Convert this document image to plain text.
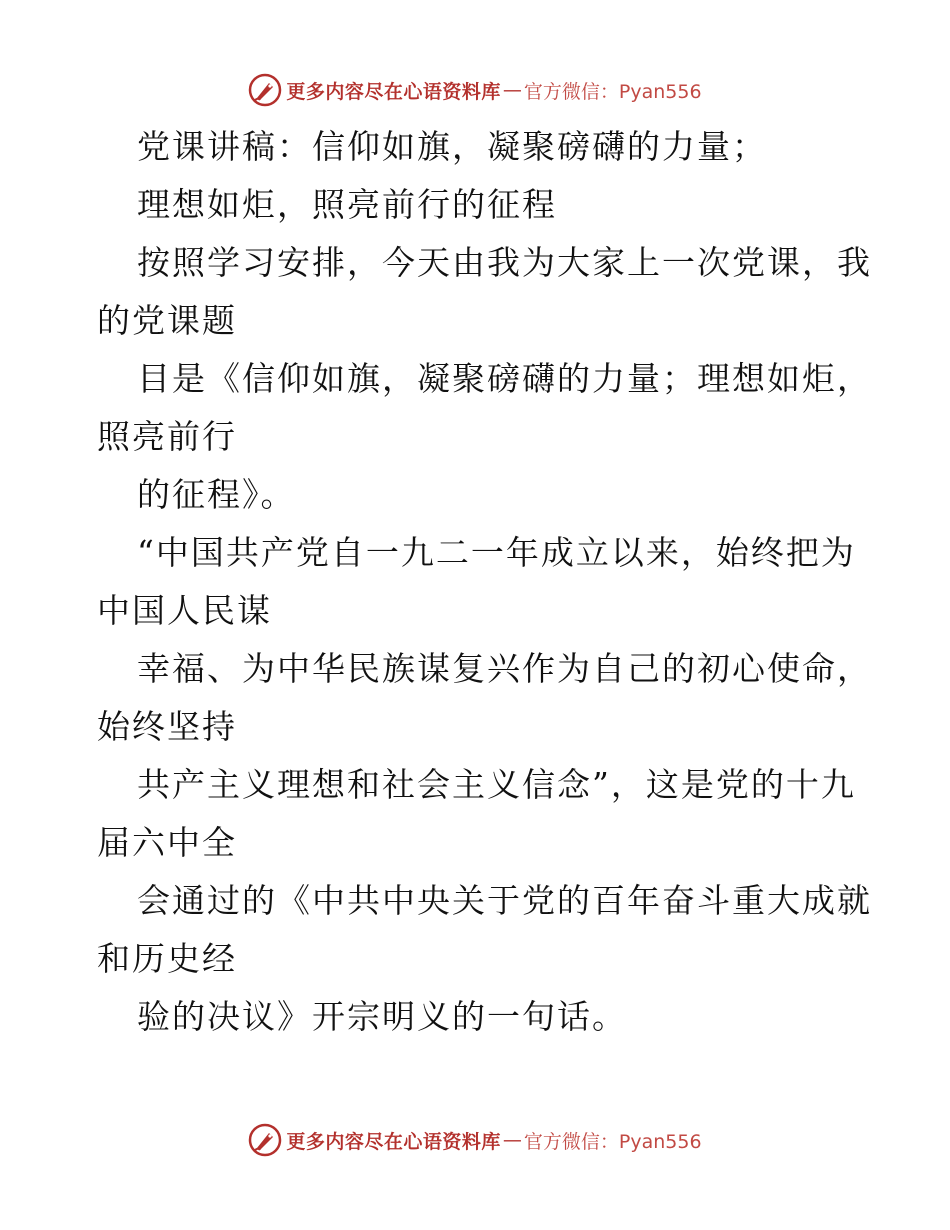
更多内容尽在心语资料库 — 官方微信：Pyan556
党课讲稿：信仰如旗，凝聚磅礴的力量；
理想如炬，照亮前行的征程
按照学习安排，今天由我为大家上一次党课，我
的党课题
目是《信仰如旗，凝聚磅礴的力量；理想如炬，
照亮前行
的征程》。
“中国共产党自一九二一年成立以来，始终把为
中国人民谋
幸福、为中华民族谋复兴作为自己的初心使命，
始终坚持
共产主义理想和社会主义信念”，这是党的十九
届六中全
会通过的《中共中央关于党的百年奋斗重大成就
和历史经
验的决议》开宗明义的一句话。
更多内容尽在心语资料库 — 官方微信：Pyan556
